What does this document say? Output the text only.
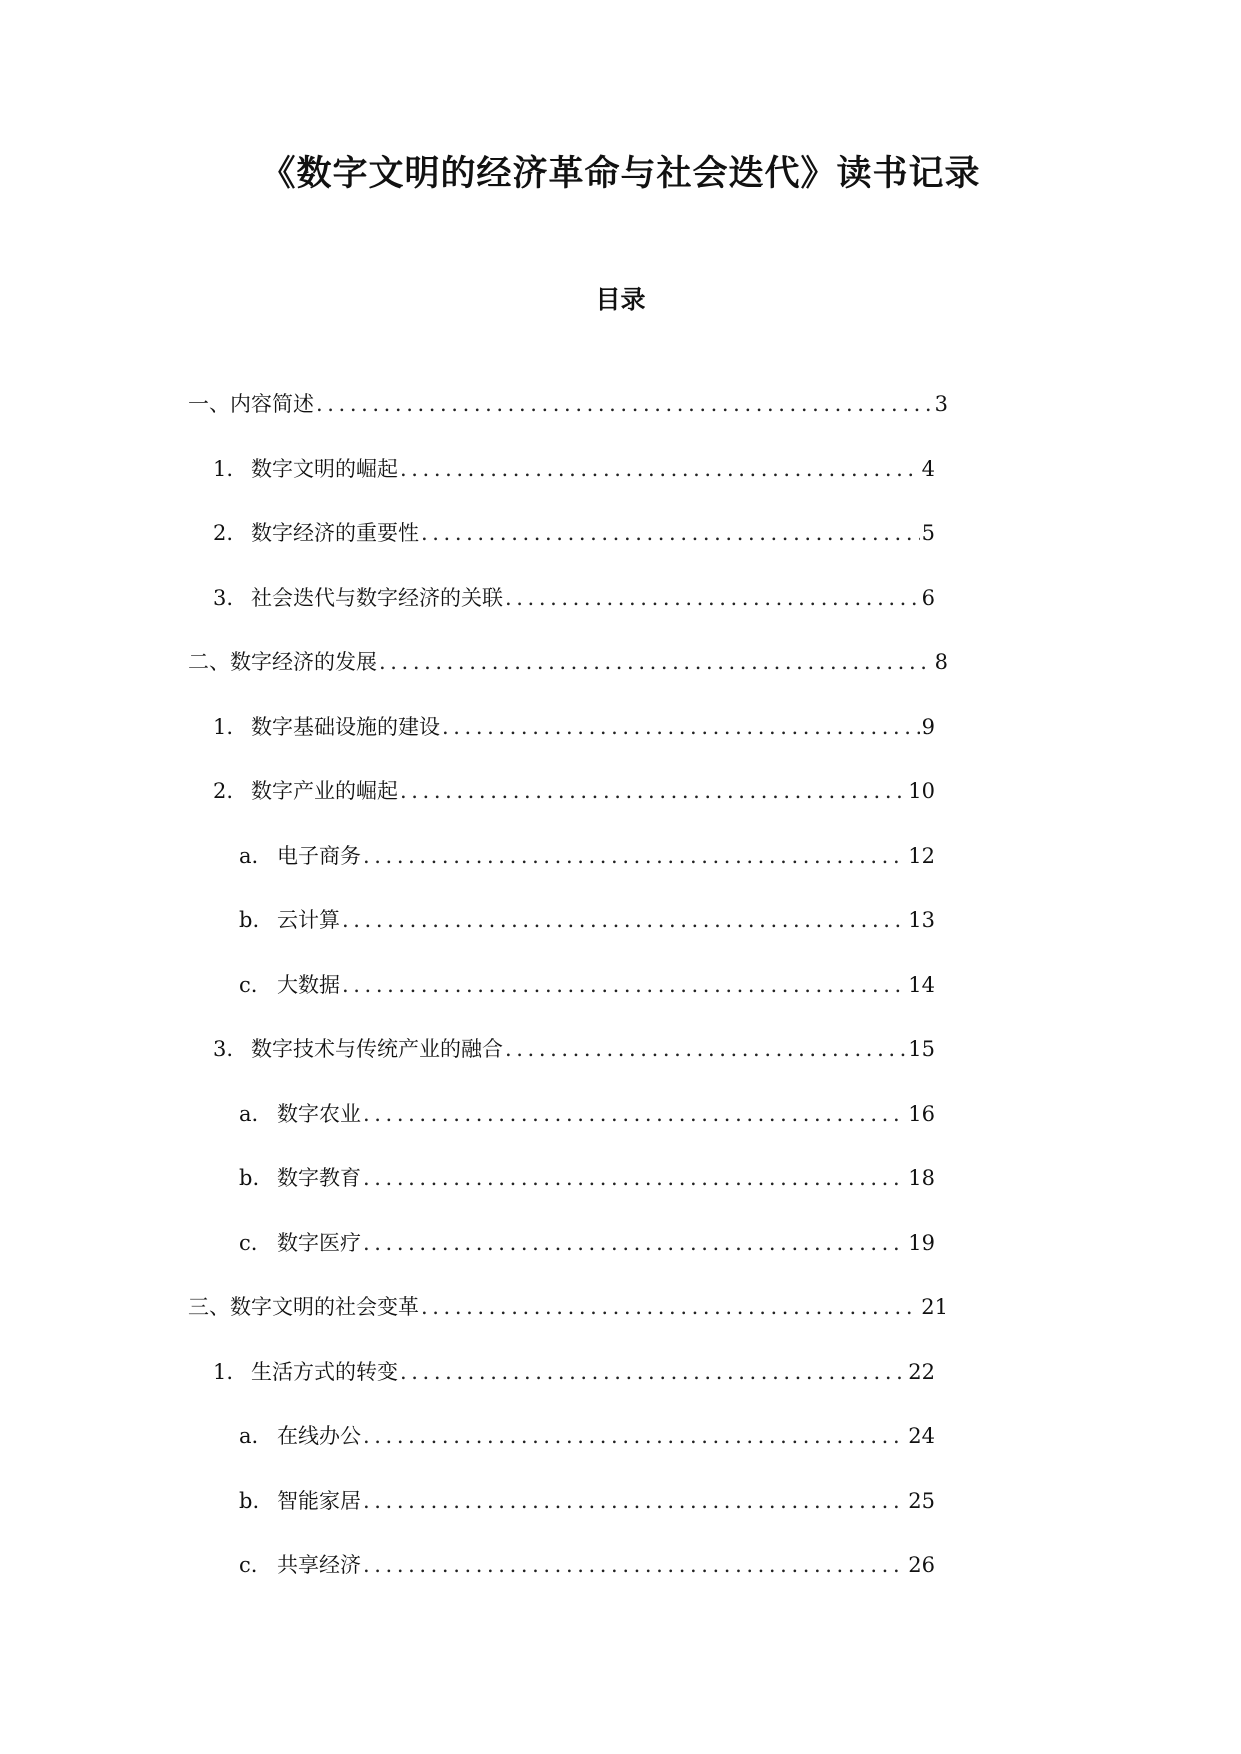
《数字文明的经济革命与社会迭代》读书记录
目录
一、 内容简述 .....	3
1. 数字文明的崛起 .....	4
2. 数字经济的重要性 .....	5
3. 社会迭代与数字经济的关联 .....	6
二、 数字经济的发展 .....	8
1. 数字基础设施的建设 .....	9
2. 数字产业的崛起 .....	10
a. 电子商务 .....	12
b. 云计算 .....	13
c. 大数据 .....	14
3. 数字技术与传统产业的融合 .....	15
a. 数字农业 .....	16
b. 数字教育 .....	18
c. 数字医疗 .....	19
三、 数字文明的社会变革 .....	21
1. 生活方式的转变 .....	22
a. 在线办公 .....	24
b. 智能家居 .....	25
c. 共享经济 .....	26
